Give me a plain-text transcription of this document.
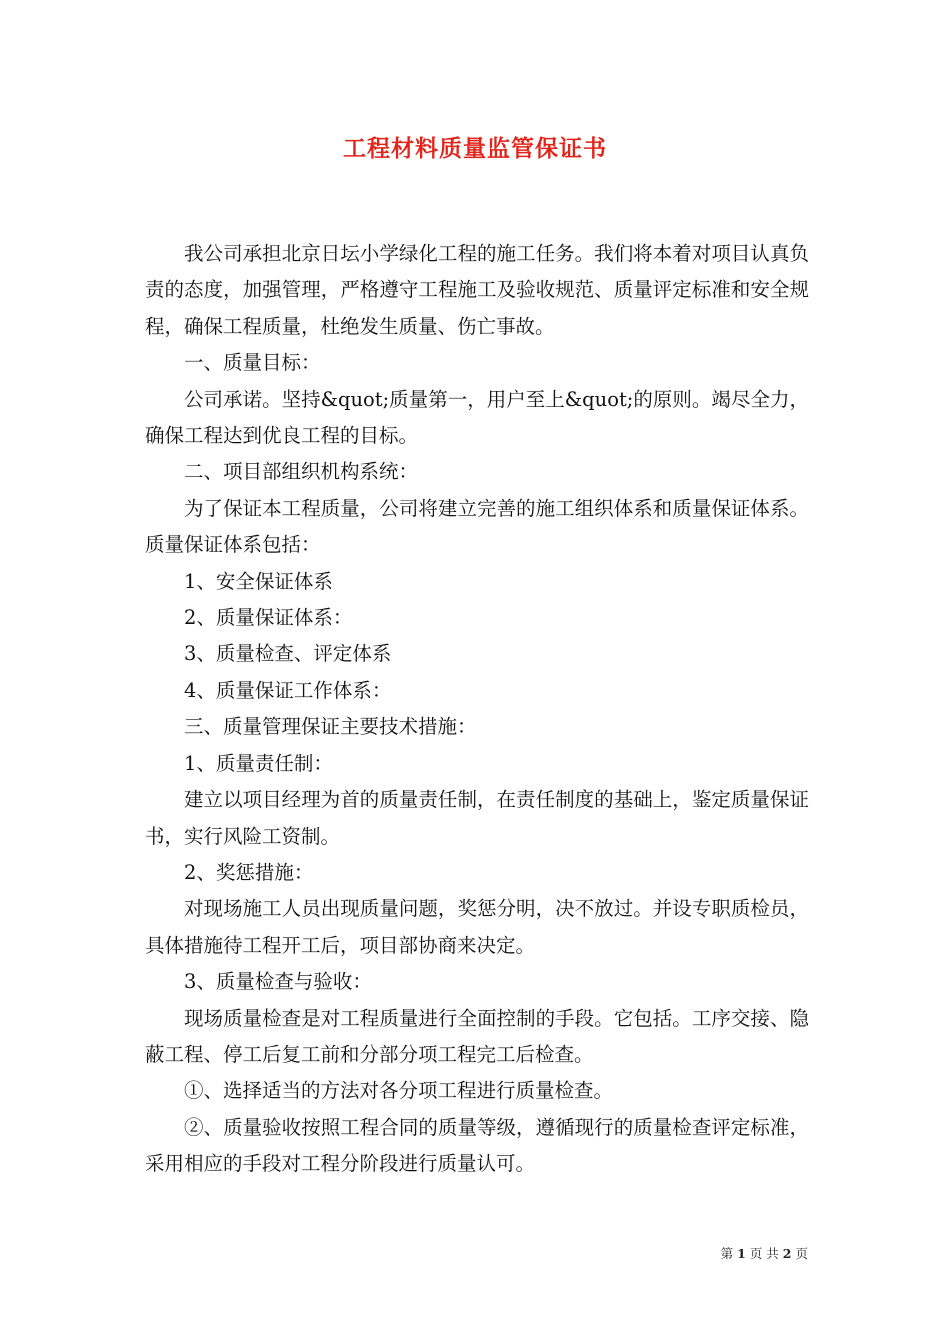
工程材料质量监管保证书

我公司承担北京日坛小学绿化工程的施工任务。我们将本着对项目认真负责的态度，加强管理，严格遵守工程施工及验收规范、质量评定标准和安全规程，确保工程质量，杜绝发生质量、伤亡事故。

一、质量目标：

公司承诺。坚持&quot;质量第一，用户至上&quot;的原则。竭尽全力，确保工程达到优良工程的目标。

二、项目部组织机构系统：

为了保证本工程质量，公司将建立完善的施工组织体系和质量保证体系。质量保证体系包括：

1、安全保证体系

2、质量保证体系：

3、质量检查、评定体系

4、质量保证工作体系：

三、质量管理保证主要技术措施：

1、质量责任制：

建立以项目经理为首的质量责任制，在责任制度的基础上，鉴定质量保证书，实行风险工资制。

2、奖惩措施：

对现场施工人员出现质量问题，奖惩分明，决不放过。并设专职质检员，具体措施待工程开工后，项目部协商来决定。

3、质量检查与验收：

现场质量检查是对工程质量进行全面控制的手段。它包括。工序交接、隐蔽工程、停工后复工前和分部分项工程完工后检查。

①、选择适当的方法对各分项工程进行质量检查。

②、质量验收按照工程合同的质量等级，遵循现行的质量检查评定标准，采用相应的手段对工程分阶段进行质量认可。

第 1 页 共 2 页
